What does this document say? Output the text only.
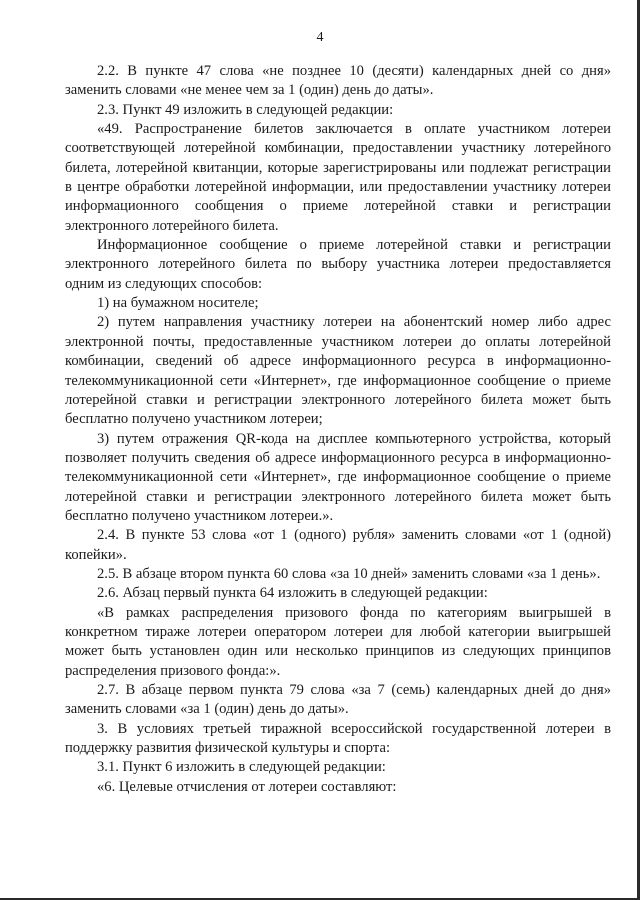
4

2.2. В пункте 47 слова «не позднее 10 (десяти) календарных дней со дня» заменить словами «не менее чем за 1 (один) день до даты».

2.3. Пункт 49 изложить в следующей редакции:

«49. Распространение билетов заключается в оплате участником лотереи соответствующей лотерейной комбинации, предоставлении участнику лотерейного билета, лотерейной квитанции, которые зарегистрированы или подлежат регистрации в центре обработки лотерейной информации, или предоставлении участнику лотереи информационного сообщения о приеме лотерейной ставки и регистрации электронного лотерейного билета.

Информационное сообщение о приеме лотерейной ставки и регистрации электронного лотерейного билета по выбору участника лотереи предоставляется одним из следующих способов:

1) на бумажном носителе;

2) путем направления участнику лотереи на абонентский номер либо адрес электронной почты, предоставленные участником лотереи до оплаты лотерейной комбинации, сведений об адресе информационного ресурса в информационно-телекоммуникационной сети «Интернет», где информационное сообщение о приеме лотерейной ставки и регистрации электронного лотерейного билета может быть бесплатно получено участником лотереи;

3) путем отражения QR-кода на дисплее компьютерного устройства, который позволяет получить сведения об адресе информационного ресурса в информационно-телекоммуникационной сети «Интернет», где информационное сообщение о приеме лотерейной ставки и регистрации электронного лотерейного билета может быть бесплатно получено участником лотереи.».

2.4. В пункте 53 слова «от 1 (одного) рубля» заменить словами «от 1 (одной) копейки».

2.5. В абзаце втором пункта 60 слова «за 10 дней» заменить словами «за 1 день».

2.6. Абзац первый пункта 64 изложить в следующей редакции:

«В рамках распределения призового фонда по категориям выигрышей в конкретном тираже лотереи оператором лотереи для любой категории выигрышей может быть установлен один или несколько принципов из следующих принципов распределения призового фонда:».

2.7. В абзаце первом пункта 79 слова «за 7 (семь) календарных дней до дня» заменить словами «за 1 (один) день до даты».

3. В условиях третьей тиражной всероссийской государственной лотереи в поддержку развития физической культуры и спорта:

3.1. Пункт 6 изложить в следующей редакции:

«6. Целевые отчисления от лотереи составляют:
